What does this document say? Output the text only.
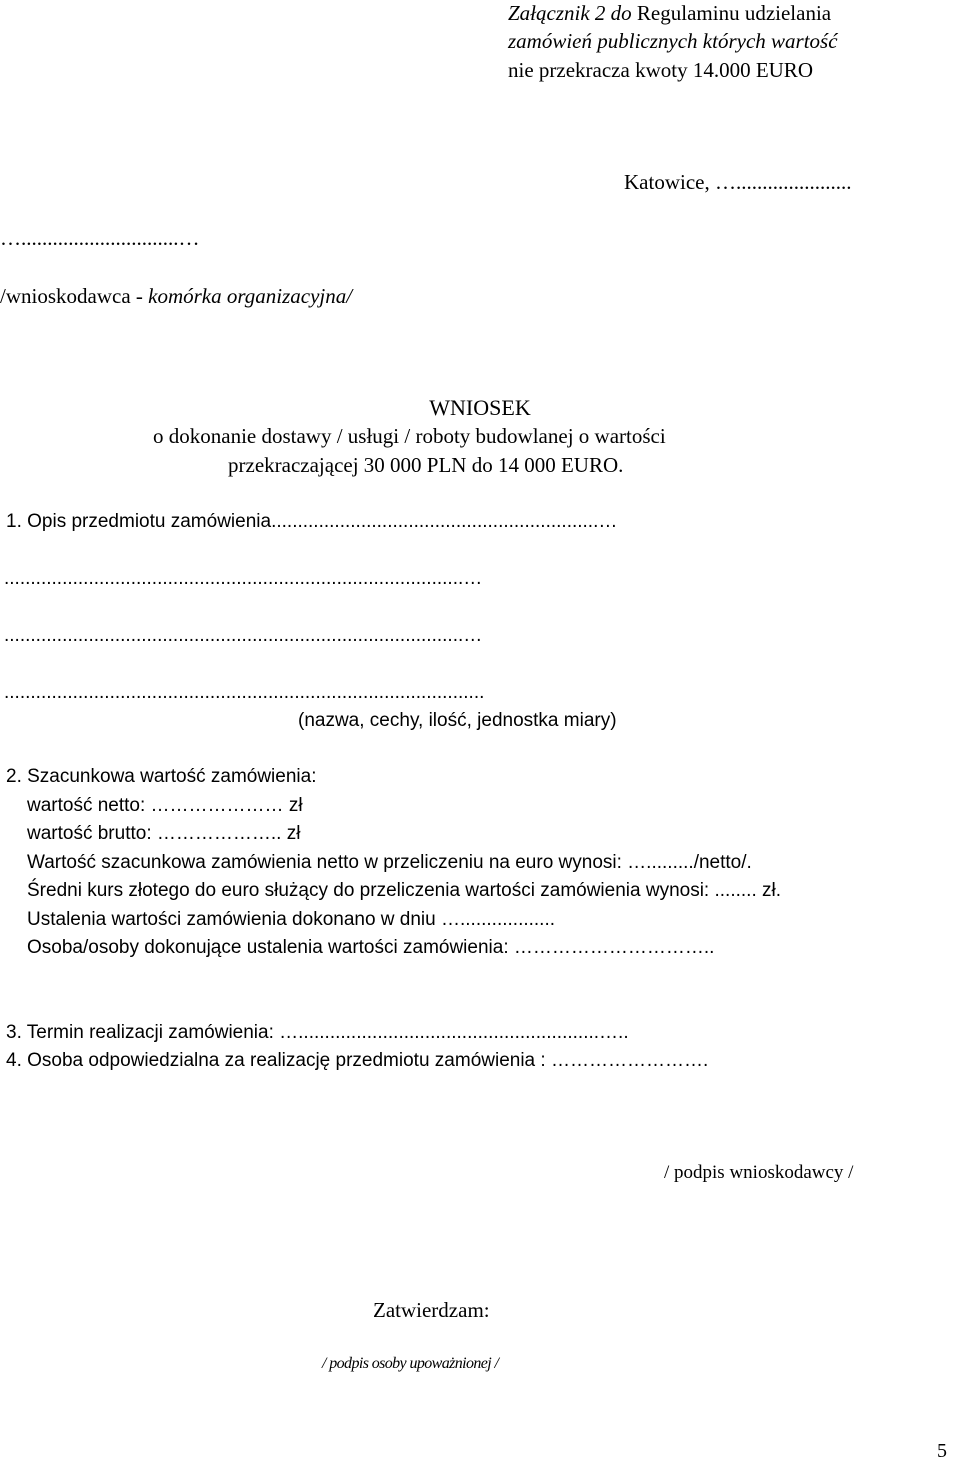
Załącznik 2 do Regulaminu udzielania
zamówień publicznych których wartość
nie przekracza kwoty 14.000 EURO
Katowice, …......................
…..............................…
/wnioskodawca - komórka organizacyjna/
WNIOSEK
o dokonanie dostawy / usługi / roboty budowlanej o wartości
przekraczającej 30 000 PLN do 14 000 EURO.
1. Opis przedmiotu zamówienia..............................................................…
.......................................................................................…
.......................................................................................…
...........................................................................................
(nazwa, cechy, ilość, jednostka miary)
2. Szacunkowa wartość zamówienia:
wartość netto: ………………… zł
wartość brutto: ……………….. zł
Wartość szacunkowa zamówienia netto w przeliczeniu na euro wynosi: …........./netto/.
Średni kurs złotego do euro służący do przeliczenia wartości zamówienia wynosi: ........ zł.
Ustalenia wartości zamówienia dokonano w dniu …..................
Osoba/osoby dokonujące ustalenia wartości zamówienia: …………………………..
3. Termin realizacji zamówienia: ….........................................................…..
4. Osoba odpowiedzialna za realizację przedmiotu zamówienia : …………………….
/ podpis wnioskodawcy /
Zatwierdzam:
/ podpis osoby upoważnionej /
5
